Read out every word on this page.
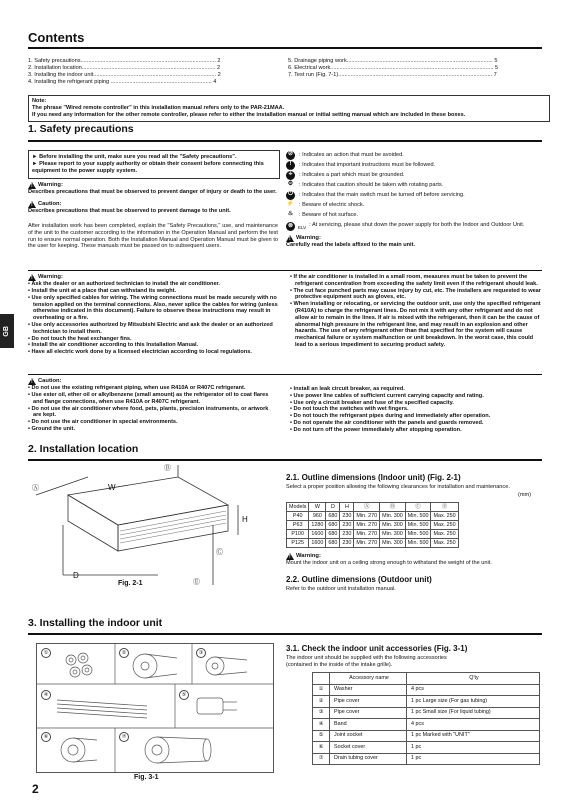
Contents
1. Safety precautions....................................................................................... 2
2. Installation location...................................................................................... 2
3. Installing the indoor unit............................................................................... 2
4. Installing the refrigerant piping ................................................................. 4
5. Drainage piping work.............................................................................................. 5
6. Electrical work......................................................................................................... 5
7. Test run (Fig. 7-1)................................................................................................... 7
Note:
The phrase "Wired remote controller" in this installation manual refers only to the PAR-21MAA.
If you need any information for the other remote controller, please refer to either the installation manual or initial setting manual which are included in these boxes.
GB
1. Safety precautions
► Before installing the unit, make sure you read all the "Safety precautions".
► Please report to your supply authority or obtain their consent before connecting this equipment to the power supply system.
!
Warning:
Describes precautions that must be observed to prevent danger of injury or death to the user.
!
Caution:
Describes precautions that must be observed to prevent damage to the unit.
After installation work has been completed, explain the "Safety Precautions," use, and maintenance of the unit to the customer according to the information in the Operation Manual and perform the test run to ensure normal operation. Both the Installation Manual and Operation Manual must be given to the user for keeping. These manuals must be passed on to subsequent users.
⊘	: Indicates an action that must be avoided.
!	: Indicates that important instructions must be followed.
⏚ : Indicates a part which must be grounded.
⚙	: Indicates that caution should be taken with rotating parts.
⏻	: Indicates that the main switch must be turned off before servicing.
⚡ : Beware of electric shock.
♨	: Beware of hot surface.
⊗	ELV : At servicing, please shut down the power supply for both the Indoor and Outdoor Unit.
!
Warning:
Carefully read the labels affixed to the main unit.
!
Warning:
• Ask the dealer or an authorized technician to install the air conditioner.
• Install the unit at a place that can withstand its weight.
• Use only specified cables for wiring. The wiring connections must be made securely with no tension applied on the terminal connections. Also, never splice the cables for wiring (unless otherwise indicated in this document). Failure to observe these instructions may result in overheating or a fire.
• Use only accessories authorized by Mitsubishi Electric and ask the dealer or an authorized technician to install them.
• Do not touch the heat exchanger fins.
• Install the air conditioner according to this Installation Manual.
• Have all electric work done by a licensed electrician according to local regulations.
• If the air conditioner is installed in a small room, measures must be taken to prevent the refrigerant concentration from exceeding the safety limit even if the refrigerant should leak.
• The cut face punched parts may cause injury by cut, etc. The installers are requested to wear protective equipment such as gloves, etc.
• When installing or relocating, or servicing the outdoor unit, use only the specified refrigerant (R410A) to charge the refrigerant lines. Do not mix it with any other refrigerant and do not allow air to remain in the lines. If air is mixed with the refrigerant, then it can be the cause of abnormal high pressure in the refrigerant line, and may result in an explosion and other hazards. The use of any refrigerant other than that specified for the system will cause mechanical failure or system malfunction or unit breakdown. In the worst case, this could lead to a serious impediment to securing product safety.
!
Caution:
• Do not use the existing refrigerant piping, when use R410A or R407C refrigerant.
• Use ester oil, ether oil or alkylbenzene (small amount) as the refrigerator oil to coat flares and flange connections, when use R410A or R407C refrigerant.
• Do not use the air conditioner where food, pets, plants, precision instruments, or artwork are kept.
• Do not use the air conditioner in special environments.
• Ground the unit.
• Install an leak circuit breaker, as required.
• Use power line cables of sufficient current carrying capacity and rating.
• Use only a circuit breaker and fuse of the specified capacity.
• Do not touch the switches with wet fingers.
• Do not touch the refrigerant pipes during and immediately after operation.
• Do not operate the air conditioner with the panels and guards removed.
• Do not turn off the power immediately after stopping operation.
2. Installation location
W
D
H
Ⓐ
Ⓑ
Ⓒ
Ⓔ
Fig. 2-1
2.1. Outline dimensions (Indoor unit) (Fig. 2-1)
Select a proper position allowing the following clearances for installation and maintenance.
(mm)
Models	W	D	H	Ⓐ	Ⓑ	Ⓒ	Ⓔ
P40	960	680	230	Min. 270	Min. 300	Min. 500	Max. 250
P63	1280	680	230	Min. 270	Min. 300	Min. 500	Max. 250
P100	1600	680	230	Min. 270	Min. 300	Min. 500	Max. 250
P125	1600	680	230	Min. 270	Min. 300	Min. 500	Max. 250
!
Warning:
Mount the indoor unit on a ceiling strong enough to withstand the weight of the unit.
2.2. Outline dimensions (Outdoor unit)
Refer to the outdoor unit installation manual.
3. Installing the indoor unit
①	②	③
④	⑤
⑥	⑦
Fig. 3-1
3.1. Check the indoor unit accessories (Fig. 3-1)
The indoor unit should be supplied with the following accessories
(contained in the inside of the intake grille).
	Accessory name	Q'ty
①	Washer	4 pcs
②	Pipe cover	1 pc Large size (For gas tubing)
③	Pipe cover	1 pc Small size (For liquid tubing)
④	Band	4 pcs
⑤	Joint socket	1 pc Marked with "UNIT"
⑥	Socket cover	1 pc
⑦	Drain tubing cover	1 pc
2
